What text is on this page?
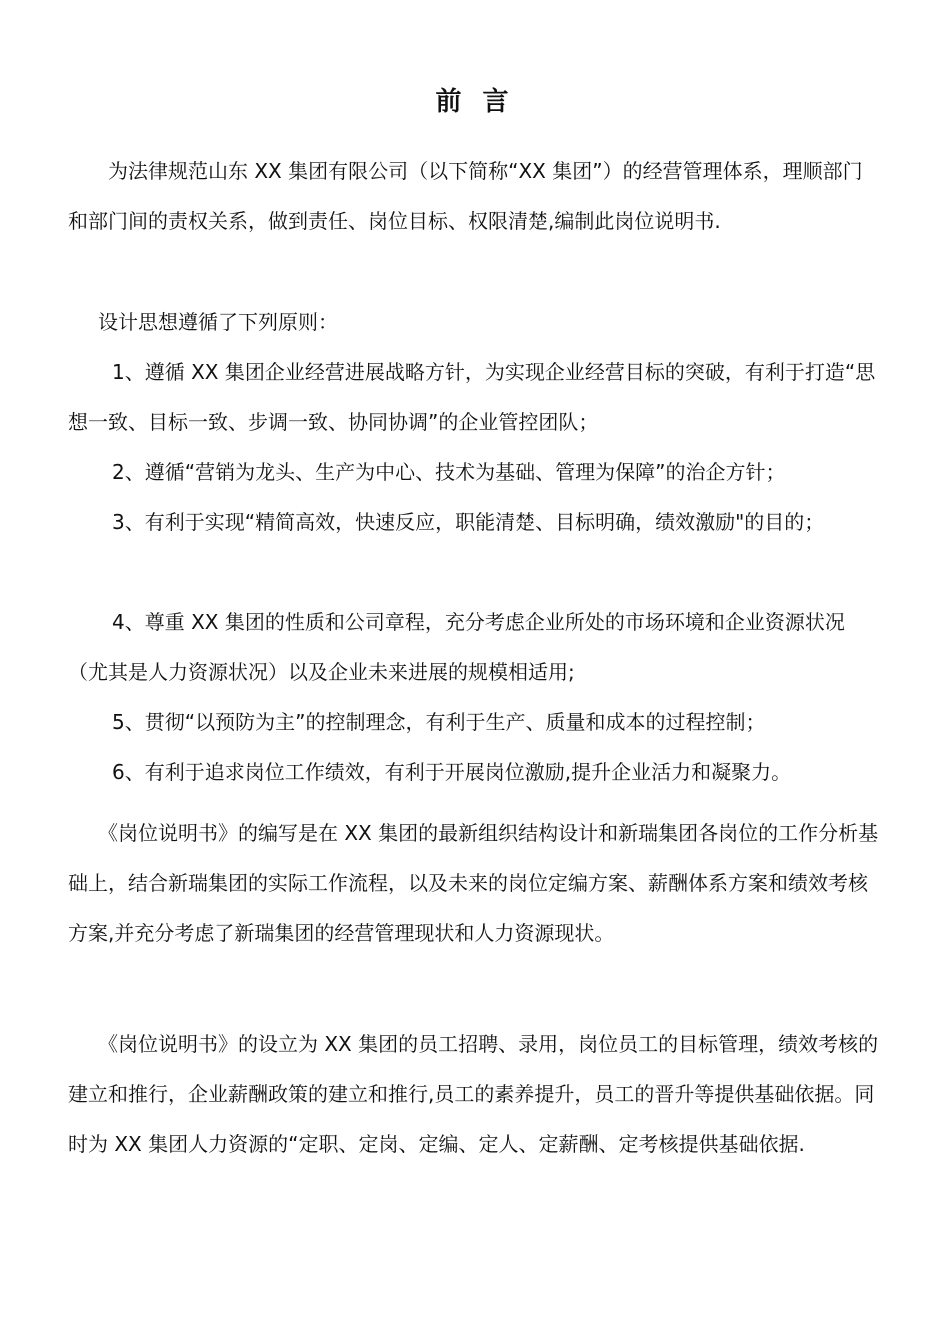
前 言

为法律规范山东 XX 集团有限公司（以下简称“XX 集团”）的经营管理体系，理顺部门和部门间的责权关系，做到责任、岗位目标、权限清楚,编制此岗位说明书.

设计思想遵循了下列原则：

1、遵循 XX 集团企业经营进展战略方针，为实现企业经营目标的突破，有利于打造“思想一致、目标一致、步调一致、协同协调”的企业管控团队；

2、遵循“营销为龙头、生产为中心、技术为基础、管理为保障”的治企方针；

3、有利于实现“精简高效，快速反应，职能清楚、目标明确，绩效激励"的目的；

4、尊重 XX 集团的性质和公司章程，充分考虑企业所处的市场环境和企业资源状况（尤其是人力资源状况）以及企业未来进展的规模相适用;

5、贯彻“以预防为主”的控制理念，有利于生产、质量和成本的过程控制；

6、有利于追求岗位工作绩效，有利于开展岗位激励,提升企业活力和凝聚力。

《岗位说明书》的编写是在 XX 集团的最新组织结构设计和新瑞集团各岗位的工作分析基础上，结合新瑞集团的实际工作流程，以及未来的岗位定编方案、薪酬体系方案和绩效考核方案,并充分考虑了新瑞集团的经营管理现状和人力资源现状。

《岗位说明书》的设立为 XX 集团的员工招聘、录用，岗位员工的目标管理，绩效考核的建立和推行，企业薪酬政策的建立和推行,员工的素养提升，员工的晋升等提供基础依据。同时为 XX 集团人力资源的“定职、定岗、定编、定人、定薪酬、定考核提供基础依据.
